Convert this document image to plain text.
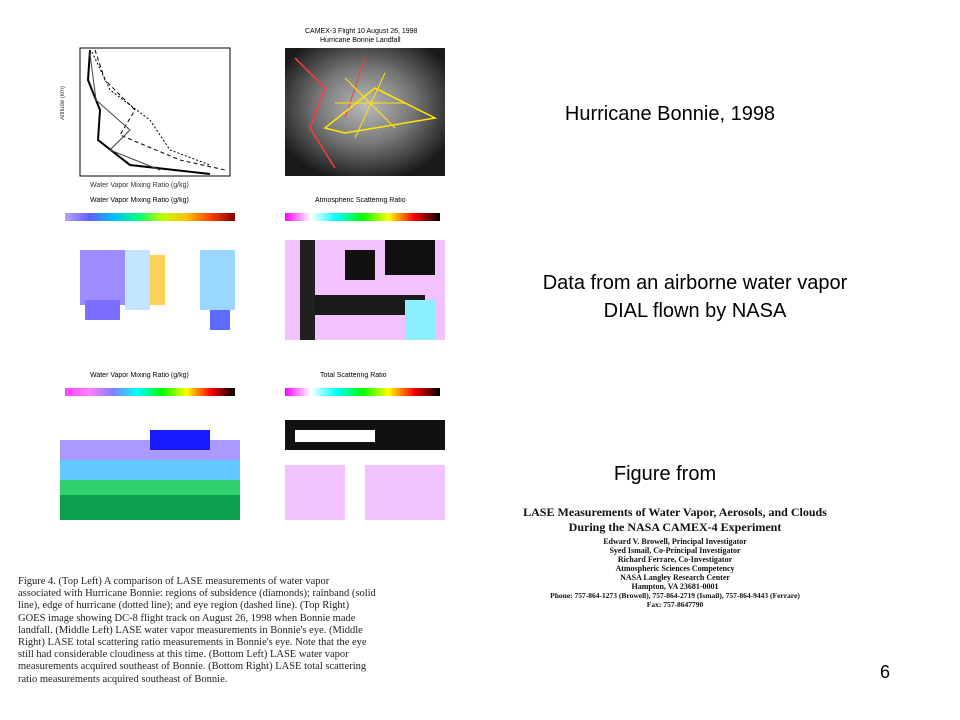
Hurricane Bonnie, 1998
Data from an airborne water vapor
DIAL flown by NASA
Figure from
6
Water Vapor Mixing Ratio (g/kg)
Altitude (km)
CAMEX-3 Flight 10 August 26, 1998
Hurricane Bonnie Landfall
Water Vapor Mixing Ratio (g/kg)	Atmospheric Scattering Ratio
Water Vapor Mixing Ratio (g/kg)	Total Scattering Ratio
Figure 4. (Top Left) A comparison of LASE measurements of water vapor
associated with Hurricane Bonnie: regions of subsidence (diamonds); rainband (solid
line), edge of hurricane (dotted line); and eye region (dashed line). (Top Right)
GOES image showing DC-8 flight track on August 26, 1998 when Bonnie made
landfall. (Middle Left) LASE water vapor measurements in Bonnie's eye. (Middle
Right) LASE total scattering ratio measurements in Bonnie's eye. Note that the eye
still had considerable cloudiness at this time. (Bottom Left) LASE water vapor
measurements acquired southeast of Bonnie. (Bottom Right) LASE total scattering
ratio measurements acquired southeast of Bonnie.
LASE Measurements of Water Vapor, Aerosols, and Clouds
During the NASA CAMEX-4 Experiment
Edward V. Browell, Principal Investigator
Syed Ismail, Co-Principal Investigator
Richard Ferrare, Co-Investigator
Atmospheric Sciences Competency
NASA Langley Research Center
Hampton, VA 23681-0001
Phone: 757-864-1273 (Browell), 757-864-2719 (Ismail), 757-864-9443 (Ferrare)
Fax: 757-8647790
